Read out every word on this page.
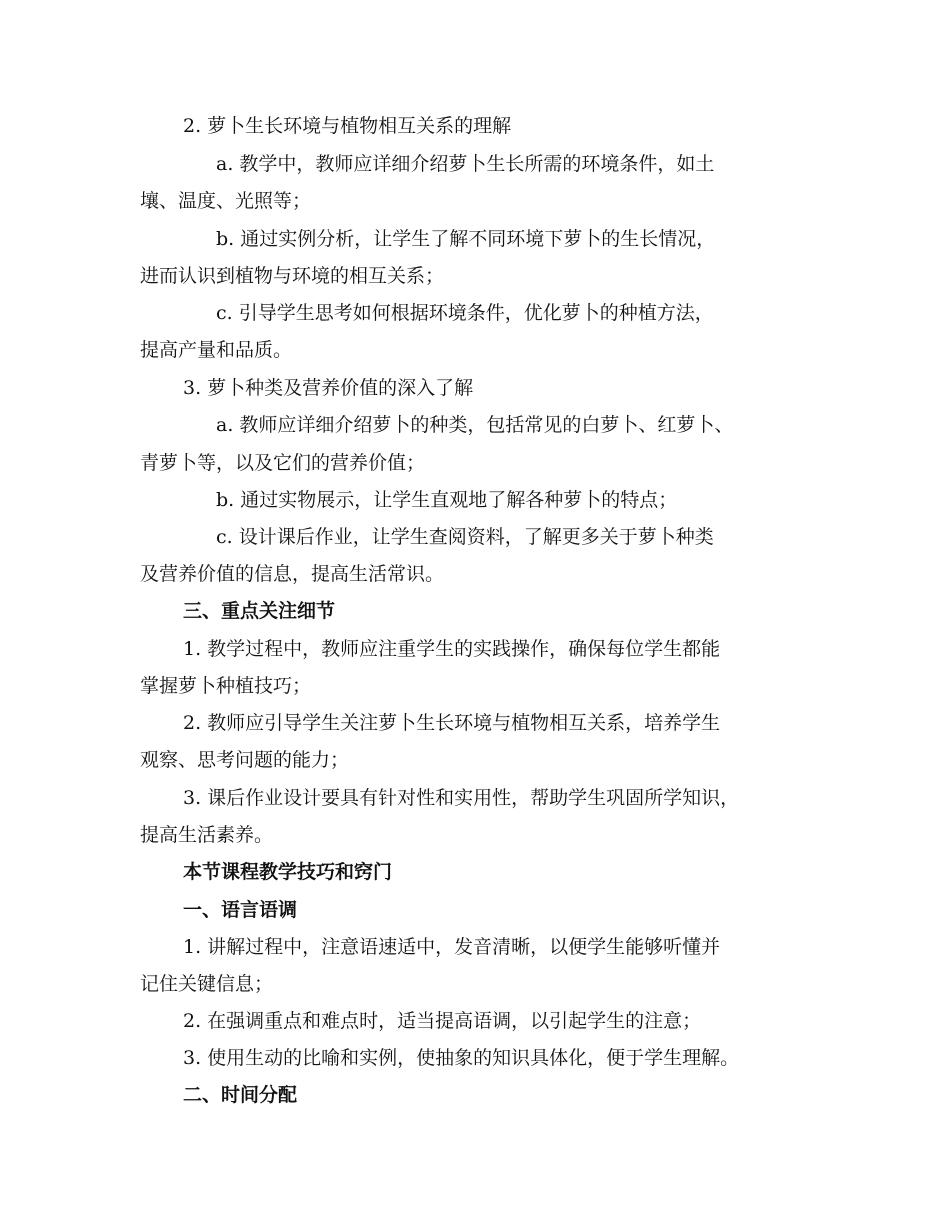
2. 萝卜生长环境与植物相互关系的理解
a. 教学中，教师应详细介绍萝卜生长所需的环境条件，如土
壤、温度、光照等；
b. 通过实例分析，让学生了解不同环境下萝卜的生长情况，
进而认识到植物与环境的相互关系；
c. 引导学生思考如何根据环境条件，优化萝卜的种植方法，
提高产量和品质。
3. 萝卜种类及营养价值的深入了解
a. 教师应详细介绍萝卜的种类，包括常见的白萝卜、红萝卜、
青萝卜等，以及它们的营养价值；
b. 通过实物展示，让学生直观地了解各种萝卜的特点；
c. 设计课后作业，让学生查阅资料，了解更多关于萝卜种类
及营养价值的信息，提高生活常识。
三、重点关注细节
1. 教学过程中，教师应注重学生的实践操作，确保每位学生都能
掌握萝卜种植技巧；
2. 教师应引导学生关注萝卜生长环境与植物相互关系，培养学生
观察、思考问题的能力；
3. 课后作业设计要具有针对性和实用性，帮助学生巩固所学知识，
提高生活素养。
本节课程教学技巧和窍门
一、语言语调
1. 讲解过程中，注意语速适中，发音清晰，以便学生能够听懂并
记住关键信息；
2. 在强调重点和难点时，适当提高语调，以引起学生的注意；
3. 使用生动的比喻和实例，使抽象的知识具体化，便于学生理解。
二、时间分配
